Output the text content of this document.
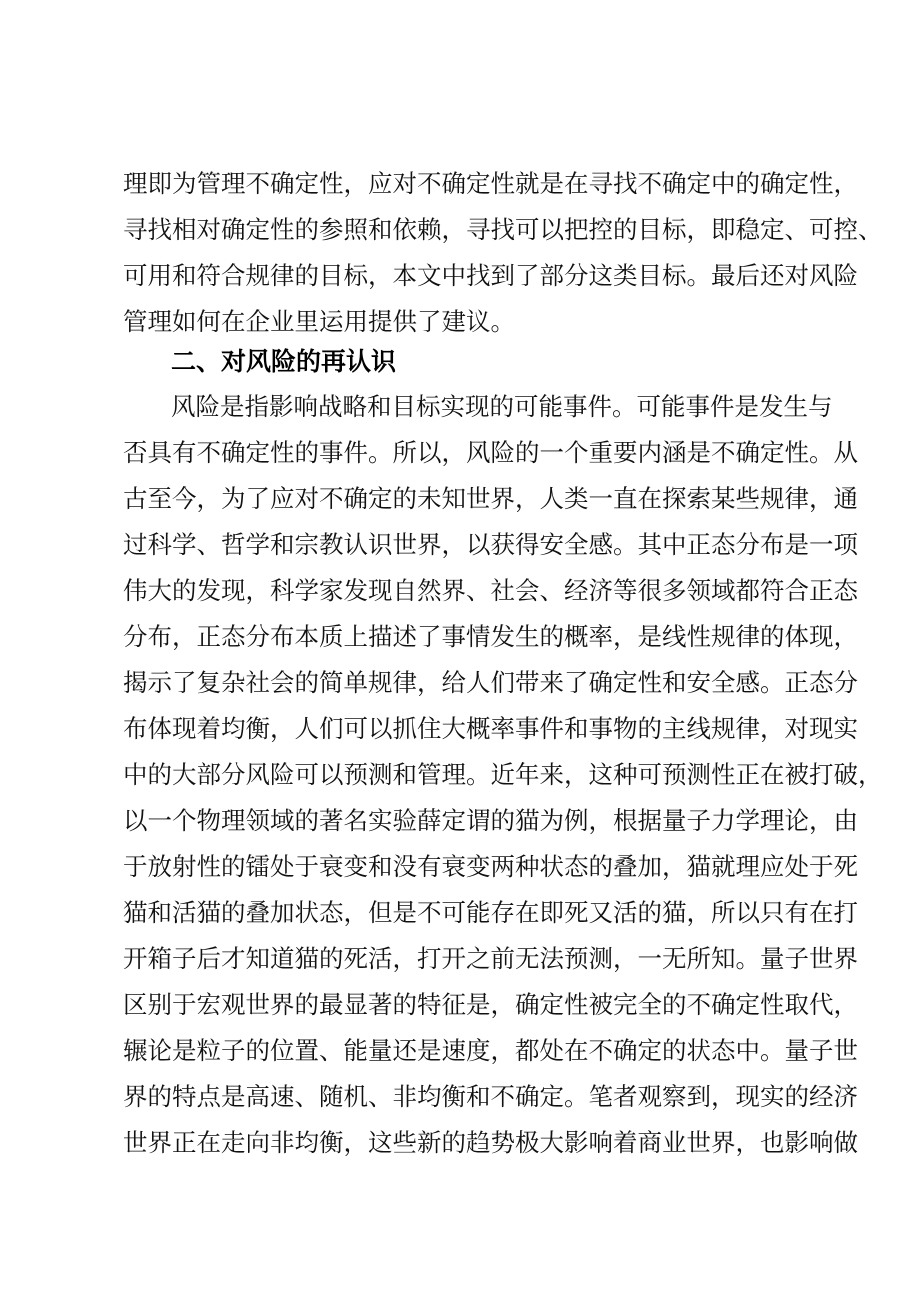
理即为管理不确定性，应对不确定性就是在寻找不确定中的确定性，
寻找相对确定性的参照和依赖，寻找可以把控的目标，即稳定、可控、
可用和符合规律的目标，本文中找到了部分这类目标。最后还对风险
管理如何在企业里运用提供了建议。
二、对风险的再认识
风险是指影响战略和目标实现的可能事件。可能事件是发生与
否具有不确定性的事件。所以，风险的一个重要内涵是不确定性。从
古至今，为了应对不确定的未知世界，人类一直在探索某些规律，通
过科学、哲学和宗教认识世界，以获得安全感。其中正态分布是一项
伟大的发现，科学家发现自然界、社会、经济等很多领域都符合正态
分布，正态分布本质上描述了事情发生的概率，是线性规律的体现，
揭示了复杂社会的简单规律，给人们带来了确定性和安全感。正态分
布体现着均衡，人们可以抓住大概率事件和事物的主线规律，对现实
中的大部分风险可以预测和管理。近年来，这种可预测性正在被打破，
以一个物理领域的著名实验薛定谓的猫为例，根据量子力学理论，由
于放射性的镭处于衰变和没有衰变两种状态的叠加，猫就理应处于死
猫和活猫的叠加状态，但是不可能存在即死又活的猫，所以只有在打
开箱子后才知道猫的死活，打开之前无法预测，一无所知。量子世界
区别于宏观世界的最显著的特征是，确定性被完全的不确定性取代，
辗论是粒子的位置、能量还是速度，都处在不确定的状态中。量子世
界的特点是高速、随机、非均衡和不确定。笔者观察到，现实的经济
世界正在走向非均衡，这些新的趋势极大影响着商业世界，也影响做
